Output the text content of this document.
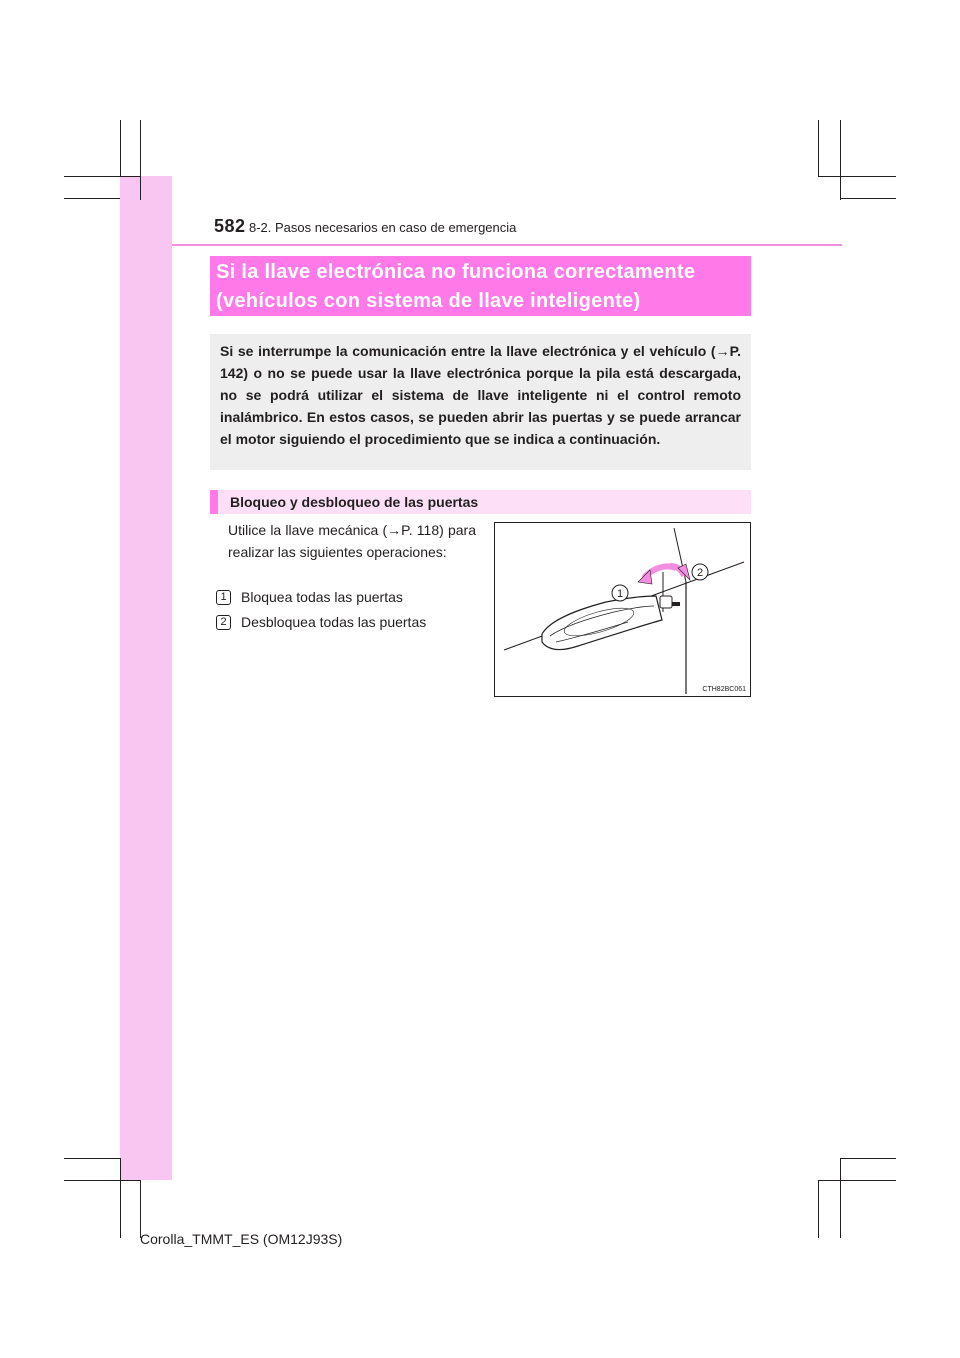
582 8-2. Pasos necesarios en caso de emergencia
Si la llave electrónica no funciona correctamente
(vehículos con sistema de llave inteligente)

Si se interrumpe la comunicación entre la llave electrónica y el vehículo (→P. 142) o no se puede usar la llave electrónica porque la pila está descargada, no se podrá utilizar el sistema de llave inteligente ni el control remoto inalámbrico. En estos casos, se pueden abrir las puertas y se puede arrancar el motor siguiendo el procedimiento que se indica a continuación.

Bloqueo y desbloqueo de las puertas

Utilice la llave mecánica (→P. 118) para realizar las siguientes operaciones:

1	Bloquea todas las puertas
2	Desbloquea todas las puertas
1
2
CTH82BC061
Corolla_TMMT_ES (OM12J93S)
